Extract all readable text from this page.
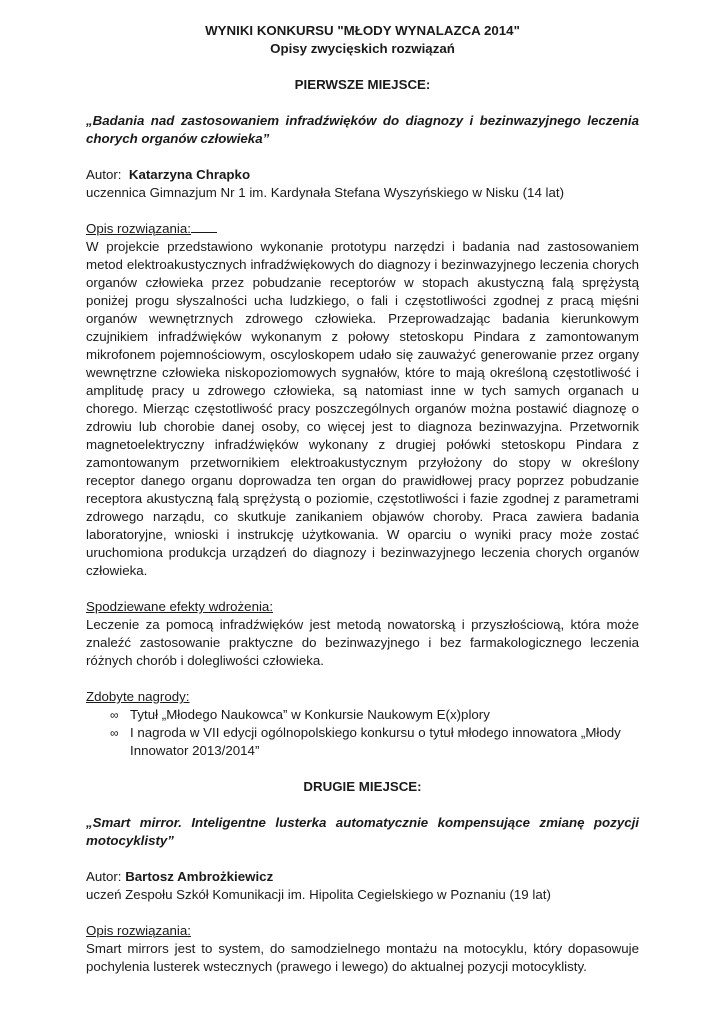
WYNIKI KONKURSU "MŁODY WYNALAZCA 2014"

Opisy zwycięskich rozwiązań

PIERWSZE MIEJSCE:

„Badania nad zastosowaniem infradźwięków do diagnozy i bezinwazyjnego leczenia chorych organów człowieka”

Autor: Katarzyna Chrapko

uczennica Gimnazjum Nr 1 im. Kardynała Stefana Wyszyńskiego w Nisku (14 lat)

Opis rozwiązania:

W projekcie przedstawiono wykonanie prototypu narzędzi i badania nad zastosowaniem metod elektroakustycznych infradźwiękowych do diagnozy i bezinwazyjnego leczenia chorych organów człowieka przez pobudzanie receptorów w stopach akustyczną falą sprężystą poniżej progu słyszalności ucha ludzkiego, o fali i częstotliwości zgodnej z pracą mięśni organów wewnętrznych zdrowego człowieka. Przeprowadzając badania kierunkowym czujnikiem infradźwięków wykonanym z połowy stetoskopu Pindara z zamontowanym mikrofonem pojemnościowym, oscyloskopem udało się zauważyć generowanie przez organy wewnętrzne człowieka niskopoziomowych sygnałów, które to mają określoną częstotliwość i amplitudę pracy u zdrowego człowieka, są natomiast inne w tych samych organach u chorego. Mierząc częstotliwość pracy poszczególnych organów można postawić diagnozę o zdrowiu lub chorobie danej osoby, co więcej jest to diagnoza bezinwazyjna. Przetwornik magnetoelektryczny infradźwięków wykonany z drugiej połówki stetoskopu Pindara z zamontowanym przetwornikiem elektroakustycznym przyłożony do stopy w określony receptor danego organu doprowadza ten organ do prawidłowej pracy poprzez pobudzanie receptora akustyczną falą sprężystą o poziomie, częstotliwości i fazie zgodnej z parametrami zdrowego narządu, co skutkuje zanikaniem objawów choroby. Praca zawiera badania laboratoryjne, wnioski i instrukcję użytkowania. W oparciu o wyniki pracy może zostać uruchomiona produkcja urządzeń do diagnozy i bezinwazyjnego leczenia chorych organów człowieka.

Spodziewane efekty wdrożenia:

Leczenie za pomocą infradźwięków jest metodą nowatorską i przyszłościową, która może znaleźć zastosowanie praktyczne do bezinwazyjnego i bez farmakologicznego leczenia różnych chorób i dolegliwości człowieka.

Zdobyte nagrody:

∞ Tytuł „Młodego Naukowca” w Konkursie Naukowym E(x)plory
∞ I nagroda w VII edycji ogólnopolskiego konkursu o tytuł młodego innowatora „Młody Innowator 2013/2014”

DRUGIE MIEJSCE:

„Smart mirror. Inteligentne lusterka automatycznie kompensujące zmianę pozycji motocyklisty”

Autor: Bartosz Ambrożkiewicz

uczeń Zespołu Szkół Komunikacji im. Hipolita Cegielskiego w Poznaniu (19 lat)

Opis rozwiązania:

Smart mirrors jest to system, do samodzielnego montażu na motocyklu, który dopasowuje pochylenia lusterek wstecznych (prawego i lewego) do aktualnej pozycji motocyklisty.
